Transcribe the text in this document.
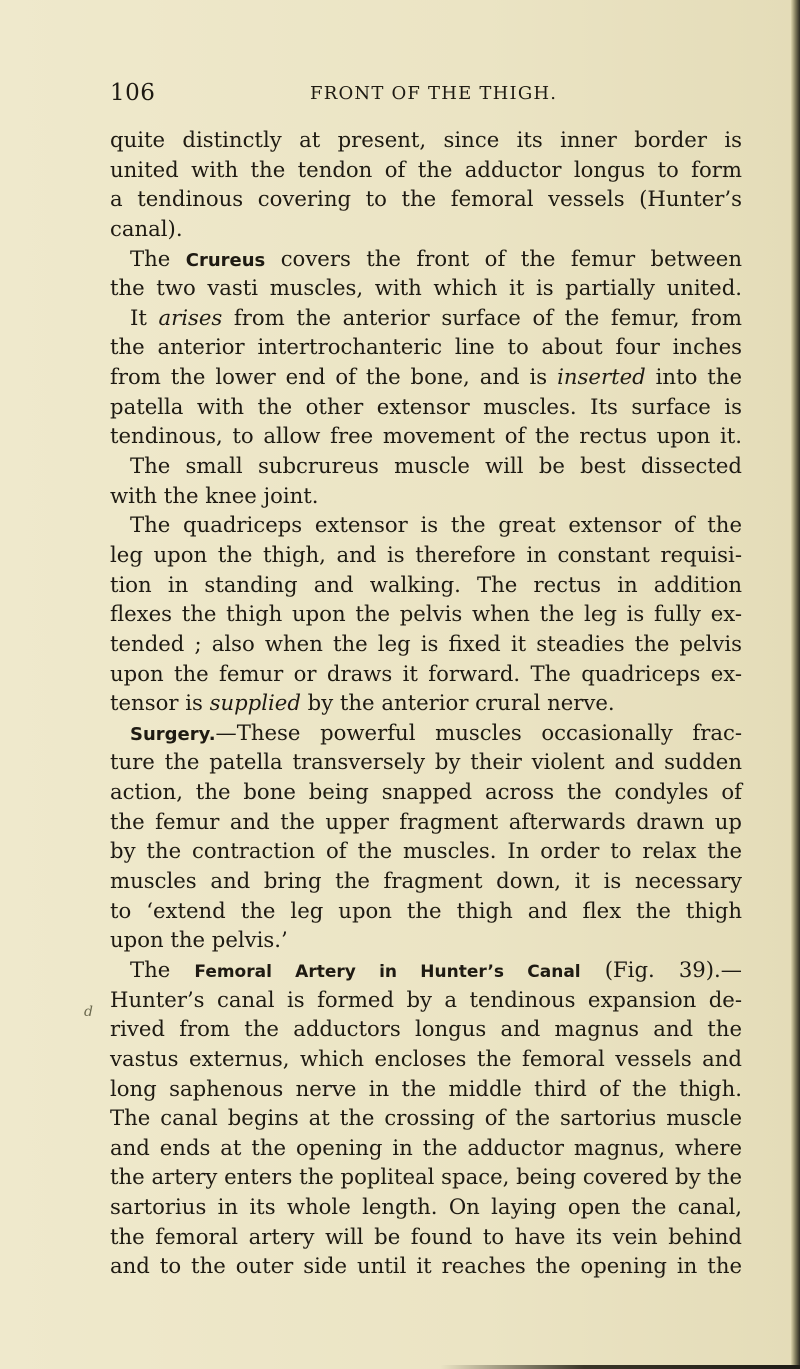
106	FRONT OF THE THIGH.
quite distinctly at present, since its inner border is
united with the tendon of the adductor longus to form
a tendinous covering to the femoral vessels (Hunter’s
canal).
The Crureus covers the front of the femur between
the two vasti muscles, with which it is partially united.
It arises from the anterior surface of the femur, from
the anterior intertrochanteric line to about four inches
from the lower end of the bone, and is inserted into the
patella with the other extensor muscles. Its surface is
tendinous, to allow free movement of the rectus upon it.
The small subcrureus muscle will be best dissected
with the knee joint.
The quadriceps extensor is the great extensor of the
leg upon the thigh, and is therefore in constant requisi-
tion in standing and walking. The rectus in addition
flexes the thigh upon the pelvis when the leg is fully ex-
tended ; also when the leg is fixed it steadies the pelvis
upon the femur or draws it forward. The quadriceps ex-
tensor is supplied by the anterior crural nerve.
Surgery.—These powerful muscles occasionally frac-
ture the patella transversely by their violent and sudden
action, the bone being snapped across the condyles of
the femur and the upper fragment afterwards drawn up
by the contraction of the muscles. In order to relax the
muscles and bring the fragment down, it is necessary
to ‘extend the leg upon the thigh and flex the thigh
upon the pelvis.’
The Femoral Artery in Hunter’s Canal (Fig. 39).—
Hunter’s canal is formed by a tendinous expansion de-
rived from the adductors longus and magnus and the
vastus externus, which encloses the femoral vessels and
long saphenous nerve in the middle third of the thigh.
The canal begins at the crossing of the sartorius muscle
and ends at the opening in the adductor magnus, where
the artery enters the popliteal space, being covered by the
sartorius in its whole length. On laying open the canal,
the femoral artery will be found to have its vein behind
and to the outer side until it reaches the opening in the
d
